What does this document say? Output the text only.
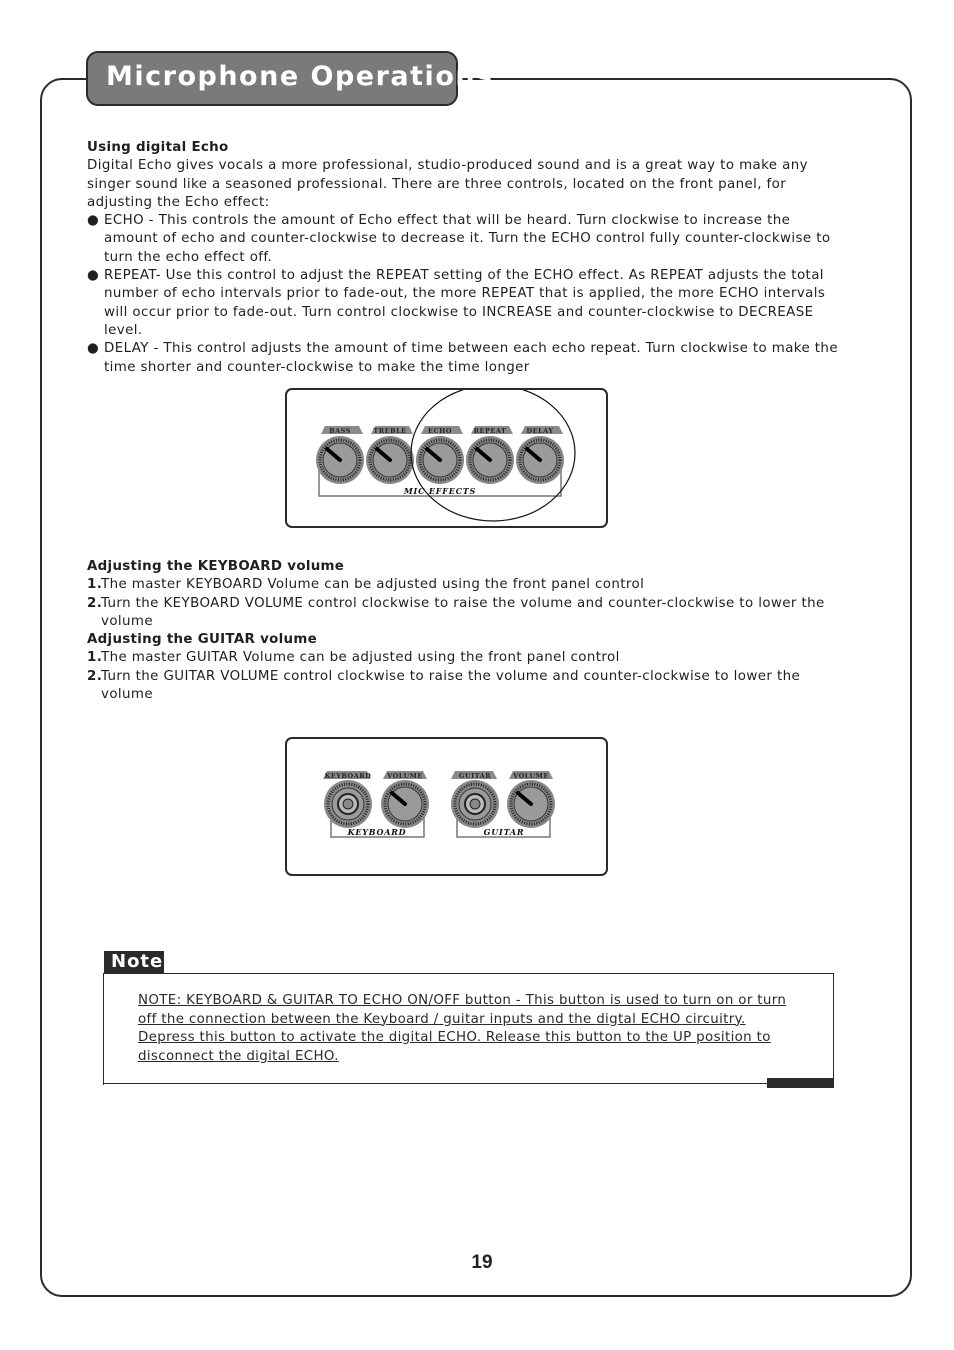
Microphone Operations
Using digital Echo

Digital Echo gives vocals a more professional, studio-produced sound and is a great way to make any singer sound like a seasoned professional. There are three controls, located on the front panel, for adjusting the Echo effect:

● ECHO - This controls the amount of Echo effect that will be heard. Turn clockwise to increase the amount of echo and counter-clockwise to decrease it. Turn the ECHO control fully counter-clockwise to turn the echo effect off.

● REPEAT- Use this control to adjust the REPEAT setting of the ECHO effect. As REPEAT adjusts the total number of echo intervals prior to fade-out, the more REPEAT that is applied, the more ECHO intervals will occur prior to fade-out. Turn control clockwise to INCREASE and counter-clockwise to DECREASE level.

● DELAY - This control adjusts the amount of time between each echo repeat. Turn clockwise to make the time shorter and counter-clockwise to make the time longer

MIC EFFECTS
BASS	TREBLE	ECHO	REPEAT	DELAY
Adjusting the KEYBOARD volume

1.
The master KEYBOARD Volume can be adjusted using the front panel control

2.
Turn the KEYBOARD VOLUME control clockwise to raise the volume and counter-clockwise to lower the volume

Adjusting the GUITAR volume

1.
The master GUITAR Volume can be adjusted using the front panel control

2.
Turn the GUITAR VOLUME control clockwise to raise the volume and counter-clockwise to lower the volume

KEYBOARD
KEYBOARD VOLUME
GUITAR
GUITAR	VOLUME
Note
NOTE: KEYBOARD & GUITAR TO ECHO ON/OFF button - This button is used to turn on or turn off the connection between the Keyboard / guitar inputs and the digtal ECHO circuitry. Depress this button to activate the digital ECHO. Release this button to the UP position to disconnect the digital ECHO.
19
